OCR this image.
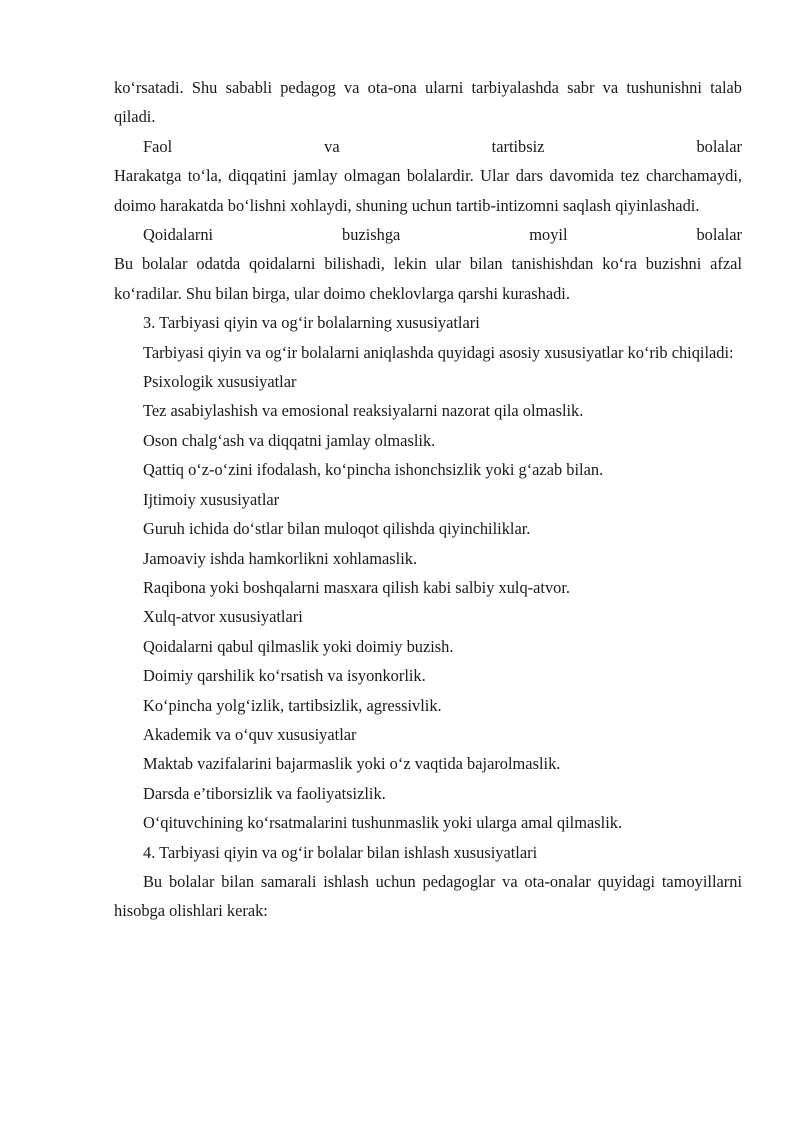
ko‘rsatadi. Shu sababli pedagog va ota-ona ularni tarbiyalashda sabr va tushunishni talab qiladi.

Faol	va	tartibsiz	bolalar

Harakatga to‘la, diqqatini jamlay olmagan bolalardir. Ular dars davomida tez charchamaydi, doimo harakatda bo‘lishni xohlaydi, shuning uchun tartib-intizomni saqlash qiyinlashadi.

Qoidalarni	buzishga	moyil	bolalar

Bu bolalar odatda qoidalarni bilishadi, lekin ular bilan tanishishdan ko‘ra buzishni afzal ko‘radilar. Shu bilan birga, ular doimo cheklovlarga qarshi kurashadi.

3. Tarbiyasi qiyin va og‘ir bolalarning xususiyatlari

Tarbiyasi qiyin va og‘ir bolalarni aniqlashda quyidagi asosiy xususiyatlar ko‘rib chiqiladi:

Psixologik xususiyatlar

Tez asabiylashish va emosional reaksiyalarni nazorat qila olmaslik.

Oson chalg‘ash va diqqatni jamlay olmaslik.

Qattiq o‘z-o‘zini ifodalash, ko‘pincha ishonchsizlik yoki g‘azab bilan.

Ijtimoiy xususiyatlar

Guruh ichida do‘stlar bilan muloqot qilishda qiyinchiliklar.

Jamoaviy ishda hamkorlikni xohlamaslik.

Raqibona yoki boshqalarni masxara qilish kabi salbiy xulq-atvor.

Xulq-atvor xususiyatlari

Qoidalarni qabul qilmaslik yoki doimiy buzish.

Doimiy qarshilik ko‘rsatish va isyonkorlik.

Ko‘pincha yolg‘izlik, tartibsizlik, agressivlik.

Akademik va o‘quv xususiyatlar

Maktab vazifalarini bajarmaslik yoki o‘z vaqtida bajarolmaslik.

Darsda e’tiborsizlik va faoliyatsizlik.

O‘qituvchining ko‘rsatmalarini tushunmaslik yoki ularga amal qilmaslik.

4. Tarbiyasi qiyin va og‘ir bolalar bilan ishlash xususiyatlari

Bu bolalar bilan samarali ishlash uchun pedagoglar va ota-onalar quyidagi tamoyillarni hisobga olishlari kerak:
